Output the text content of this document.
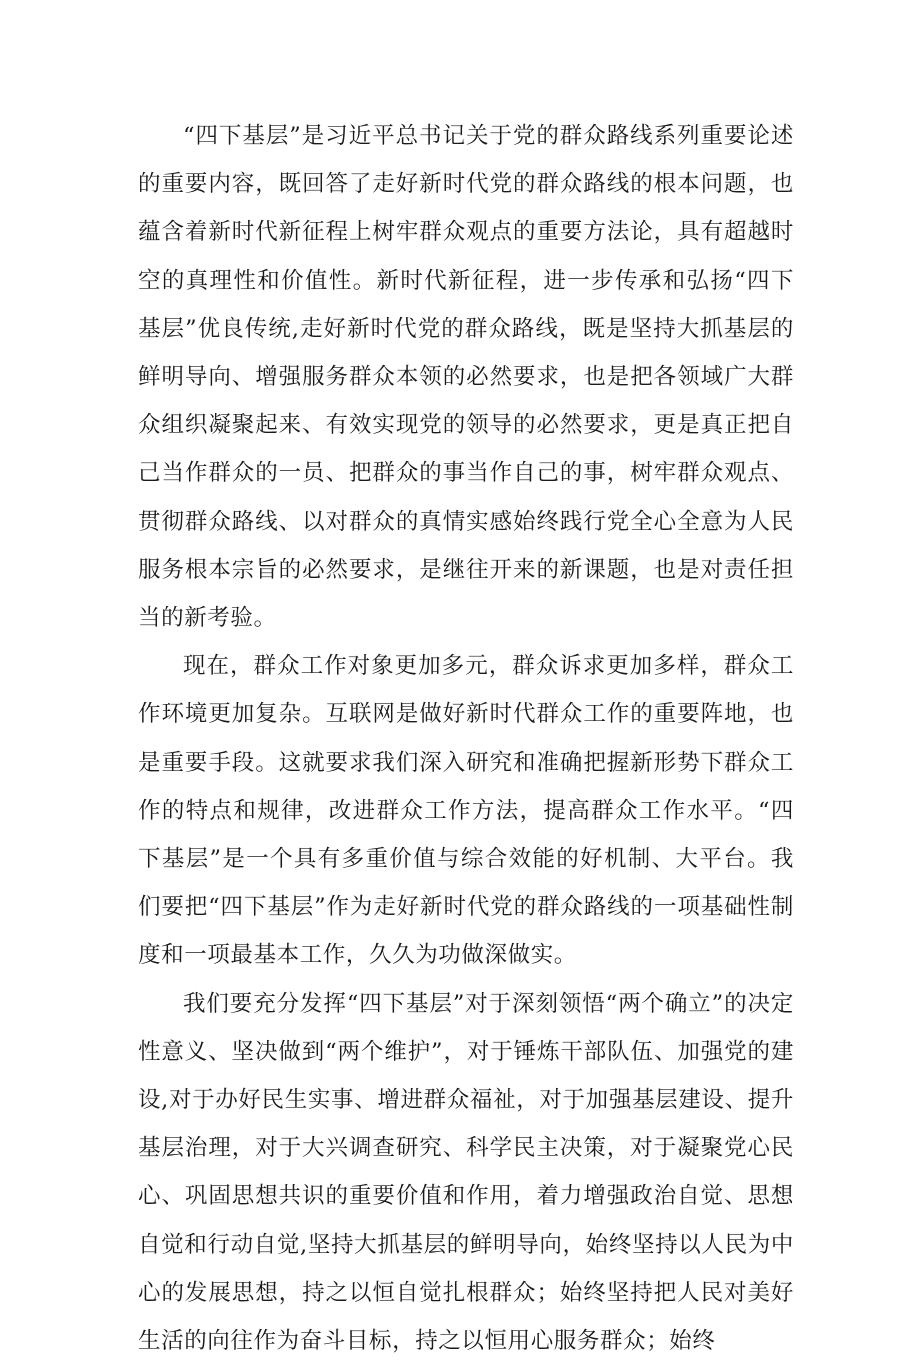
“四下基层”是习近平总书记关于党的群众路线系列重要论述的重要内容，既回答了走好新时代党的群众路线的根本问题，也蕴含着新时代新征程上树牢群众观点的重要方法论，具有超越时空的真理性和价值性。新时代新征程，进一步传承和弘扬“四下基层”优良传统,走好新时代党的群众路线，既是坚持大抓基层的鲜明导向、增强服务群众本领的必然要求，也是把各领域广大群众组织凝聚起来、有效实现党的领导的必然要求，更是真正把自己当作群众的一员、把群众的事当作自己的事，树牢群众观点、贯彻群众路线、以对群众的真情实感始终践行党全心全意为人民服务根本宗旨的必然要求，是继往开来的新课题，也是对责任担当的新考验。

现在，群众工作对象更加多元，群众诉求更加多样，群众工作环境更加复杂。互联网是做好新时代群众工作的重要阵地，也是重要手段。这就要求我们深入研究和准确把握新形势下群众工作的特点和规律，改进群众工作方法，提高群众工作水平。“四下基层”是一个具有多重价值与综合效能的好机制、大平台。我们要把“四下基层”作为走好新时代党的群众路线的一项基础性制度和一项最基本工作，久久为功做深做实。

我们要充分发挥“四下基层”对于深刻领悟“两个确立”的决定性意义、坚决做到“两个维护”，对于锤炼干部队伍、加强党的建设,对于办好民生实事、增进群众福祉，对于加强基层建设、提升基层治理，对于大兴调查研究、科学民主决策，对于凝聚党心民心、巩固思想共识的重要价值和作用，着力增强政治自觉、思想自觉和行动自觉,坚持大抓基层的鲜明导向，始终坚持以人民为中心的发展思想，持之以恒自觉扎根群众；始终坚持把人民对美好生活的向往作为奋斗目标，持之以恒用心服务群众；始终
